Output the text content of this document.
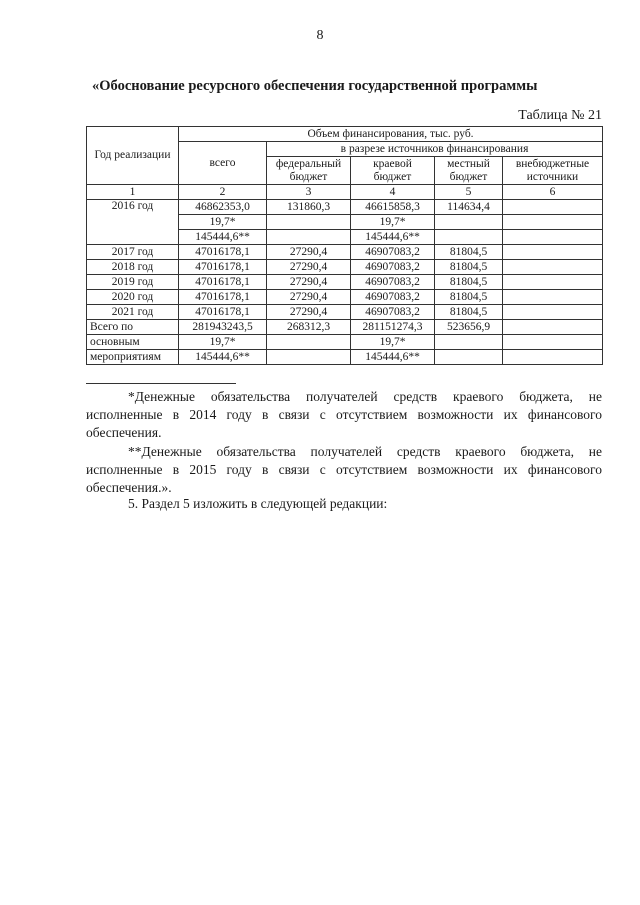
8
«Обоснование ресурсного обеспечения государственной программы
Таблица № 21
Год реализации	Объем финансирования, тыс. руб.				
	всего	в разрезе источников финансирования			
		федеральный бюджет	краевой бюджет	местный бюджет	внебюджетные источники
1	2	3	4	5	6
2016 год	46862353,0	131860,3	46615858,3	114634,4	
	19,7*		19,7*		
	145444,6**		145444,6**		
2017 год	47016178,1	27290,4	46907083,2	81804,5	
2018 год	47016178,1	27290,4	46907083,2	81804,5	
2019 год	47016178,1	27290,4	46907083,2	81804,5	
2020 год	47016178,1	27290,4	46907083,2	81804,5	
2021 год	47016178,1	27290,4	46907083,2	81804,5	
Всего по	281943243,5	268312,3	281151274,3	523656,9	
основным	19,7*		19,7*		
мероприятиям	145444,6**		145444,6**		
*Денежные обязательства получателей средств краевого бюджета, не исполненные в 2014 году в связи с отсутствием возможности их финансового обеспечения.
**Денежные обязательства получателей средств краевого бюджета, не исполненные в 2015 году в связи с отсутствием возможности их финансового обеспечения.».
5. Раздел 5 изложить в следующей редакции:
